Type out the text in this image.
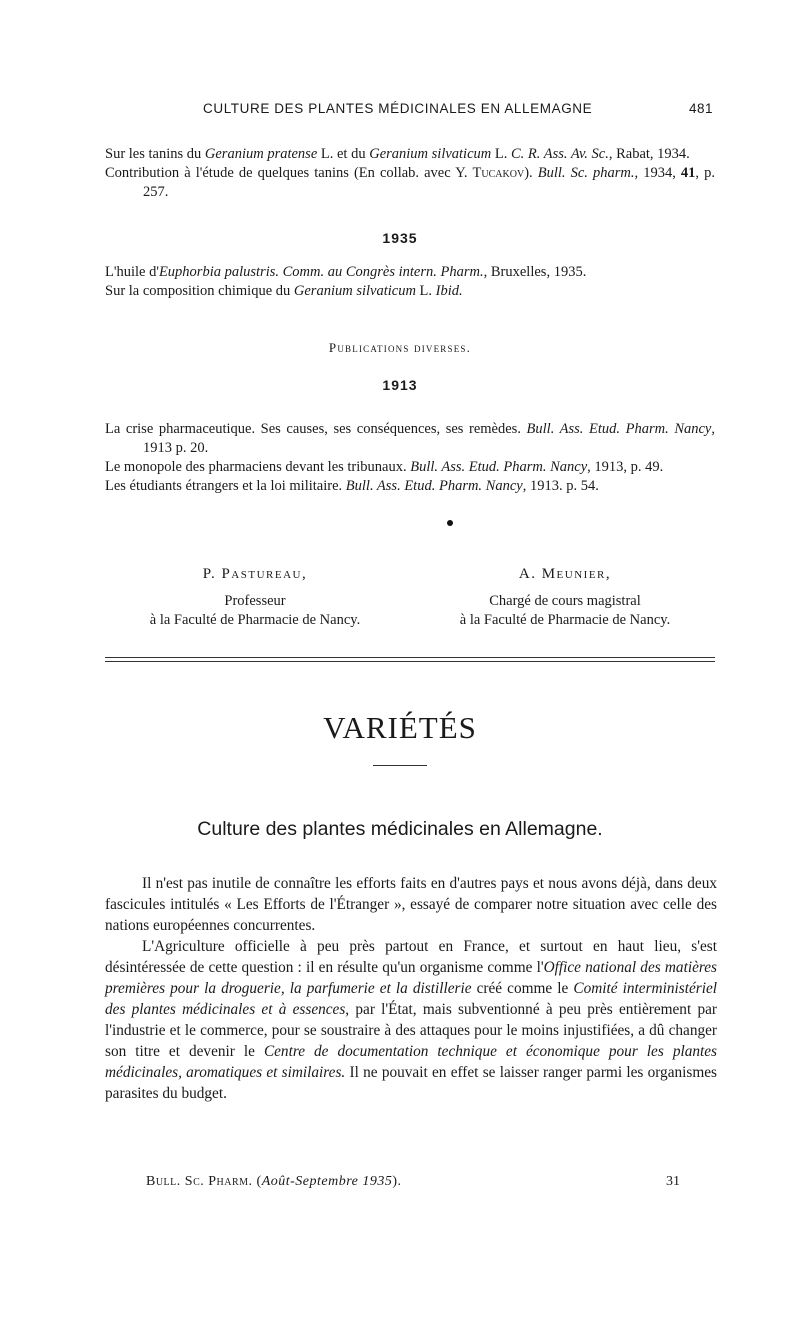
CULTURE DES PLANTES MÉDICINALES EN ALLEMAGNE	481

Sur les tanins du Geranium pratense L. et du Geranium silvaticum L. C. R. Ass. Av. Sc., Rabat, 1934.

Contribution à l'étude de quelques tanins (En collab. avec Y. Tucakov). Bull. Sc. pharm., 1934, 41, p. 257.

1935

L'huile d'Euphorbia palustris. Comm. au Congrès intern. Pharm., Bruxelles, 1935.

Sur la composition chimique du Geranium silvaticum L. Ibid.

Publications diverses.
1913

La crise pharmaceutique. Ses causes, ses conséquences, ses remèdes. Bull. Ass. Etud. Pharm. Nancy, 1913 p. 20.

Le monopole des pharmaciens devant les tribunaux. Bull. Ass. Etud. Pharm. Nancy, 1913, p. 49.

Les étudiants étrangers et la loi militaire. Bull. Ass. Etud. Pharm. Nancy, 1913. p. 54.

P. Pastureau,
Professeur
à la Faculté de Pharmacie de Nancy.
A. Meunier,
Chargé de cours magistral
à la Faculté de Pharmacie de Nancy.
VARIÉTÉS
Culture des plantes médicinales en Allemagne.

Il n'est pas inutile de connaître les efforts faits en d'autres pays et nous avons déjà, dans deux fascicules intitulés « Les Efforts de l'Étranger », essayé de comparer notre situation avec celle des nations européennes concurrentes.

L'Agriculture officielle à peu près partout en France, et surtout en haut lieu, s'est désintéressée de cette question : il en résulte qu'un organisme comme l'Office national des matières premières pour la droguerie, la parfumerie et la distillerie créé comme le Comité interministériel des plantes médicinales et à essences, par l'État, mais subventionné à peu près entièrement par l'industrie et le commerce, pour se soustraire à des attaques pour le moins injustifiées, a dû changer son titre et devenir le Centre de documentation technique et économique pour les plantes médicinales, aromatiques et similaires. Il ne pouvait en effet se laisser ranger parmi les organismes parasites du budget.

Bull. Sc. Pharm. (Août-Septembre 1935).	31
